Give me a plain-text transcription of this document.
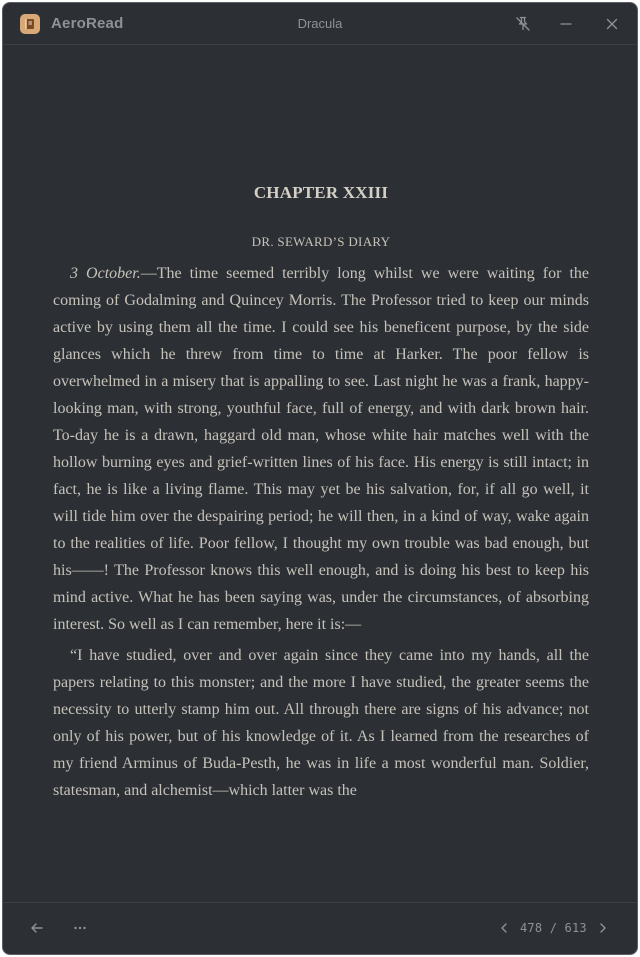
AeroRead	Dracula
CHAPTER XXIII
DR. SEWARD’S DIARY

3 October.—The time seemed terribly long whilst we were waiting for the coming of Godalming and Quincey Morris. The Professor tried to keep our minds active by using them all the time. I could see his beneficent purpose, by the side glances which he threw from time to time at Harker. The poor fellow is overwhelmed in a misery that is appalling to see. Last night he was a frank, happy-looking man, with strong, youthful face, full of energy, and with dark brown hair. To-day he is a drawn, haggard old man, whose white hair matches well with the hollow burning eyes and grief-written lines of his face. His energy is still intact; in fact, he is like a living flame. This may yet be his salvation, for, if all go well, it will tide him over the despairing period; he will then, in a kind of way, wake again to the realities of life. Poor fellow, I thought my own trouble was bad enough, but his——! The Professor knows this well enough, and is doing his best to keep his mind active. What he has been saying was, under the circumstances, of absorbing interest. So well as I can remember, here it is:—

“I have studied, over and over again since they came into my hands, all the papers relating to this monster; and the more I have studied, the greater seems the necessity to utterly stamp him out. All through there are signs of his advance; not only of his power, but of his knowledge of it. As I learned from the researches of my friend Arminus of Buda-Pesth, he was in life a most wonderful man. Soldier, statesman, and alchemist—which latter was the

478 / 613
